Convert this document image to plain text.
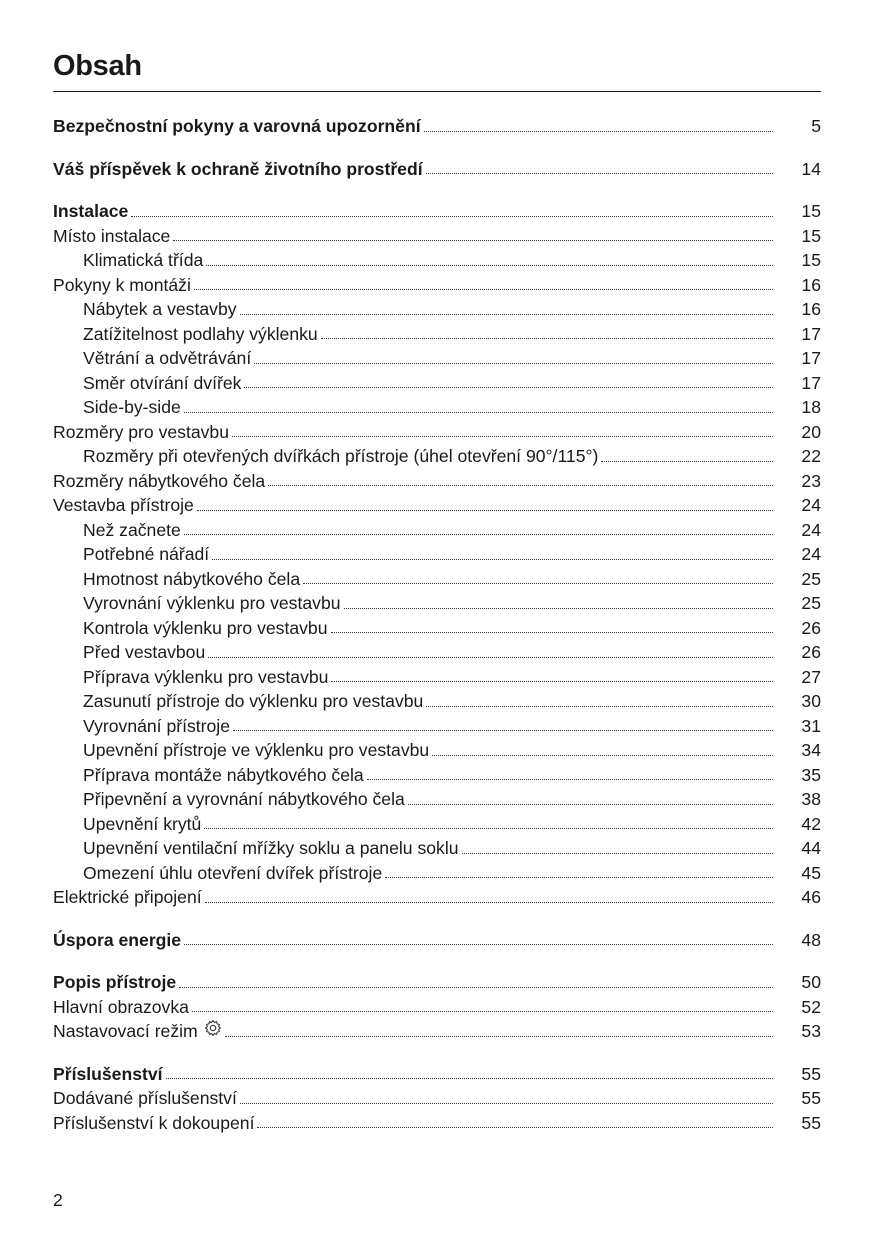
Obsah
Bezpečnostní pokyny a varovná upozornění	5
Váš příspěvek k ochraně životního prostředí	14
Instalace	15
Místo instalace	15
Klimatická třída	15
Pokyny k montáži	16
Nábytek a vestavby	16
Zatížitelnost podlahy výklenku	17
Větrání a odvětrávání	17
Směr otvírání dvířek	17
Side-by-side	18
Rozměry pro vestavbu	20
Rozměry při otevřených dvířkách přístroje (úhel otevření 90°/115°)	22
Rozměry nábytkového čela	23
Vestavba přístroje	24
Než začnete	24
Potřebné nářadí	24
Hmotnost nábytkového čela	25
Vyrovnání výklenku pro vestavbu	25
Kontrola výklenku pro vestavbu	26
Před vestavbou	26
Příprava výklenku pro vestavbu	27
Zasunutí přístroje do výklenku pro vestavbu	30
Vyrovnání přístroje	31
Upevnění přístroje ve výklenku pro vestavbu	34
Příprava montáže nábytkového čela	35
Připevnění a vyrovnání nábytkového čela	38
Upevnění krytů	42
Upevnění ventilační mřížky soklu a panelu soklu	44
Omezení úhlu otevření dvířek přístroje	45
Elektrické připojení	46
Úspora energie	48
Popis přístroje	50
Hlavní obrazovka	52
Nastavovací režim	53
Příslušenství	55
Dodávané příslušenství	55
Příslušenství k dokoupení	55
2
